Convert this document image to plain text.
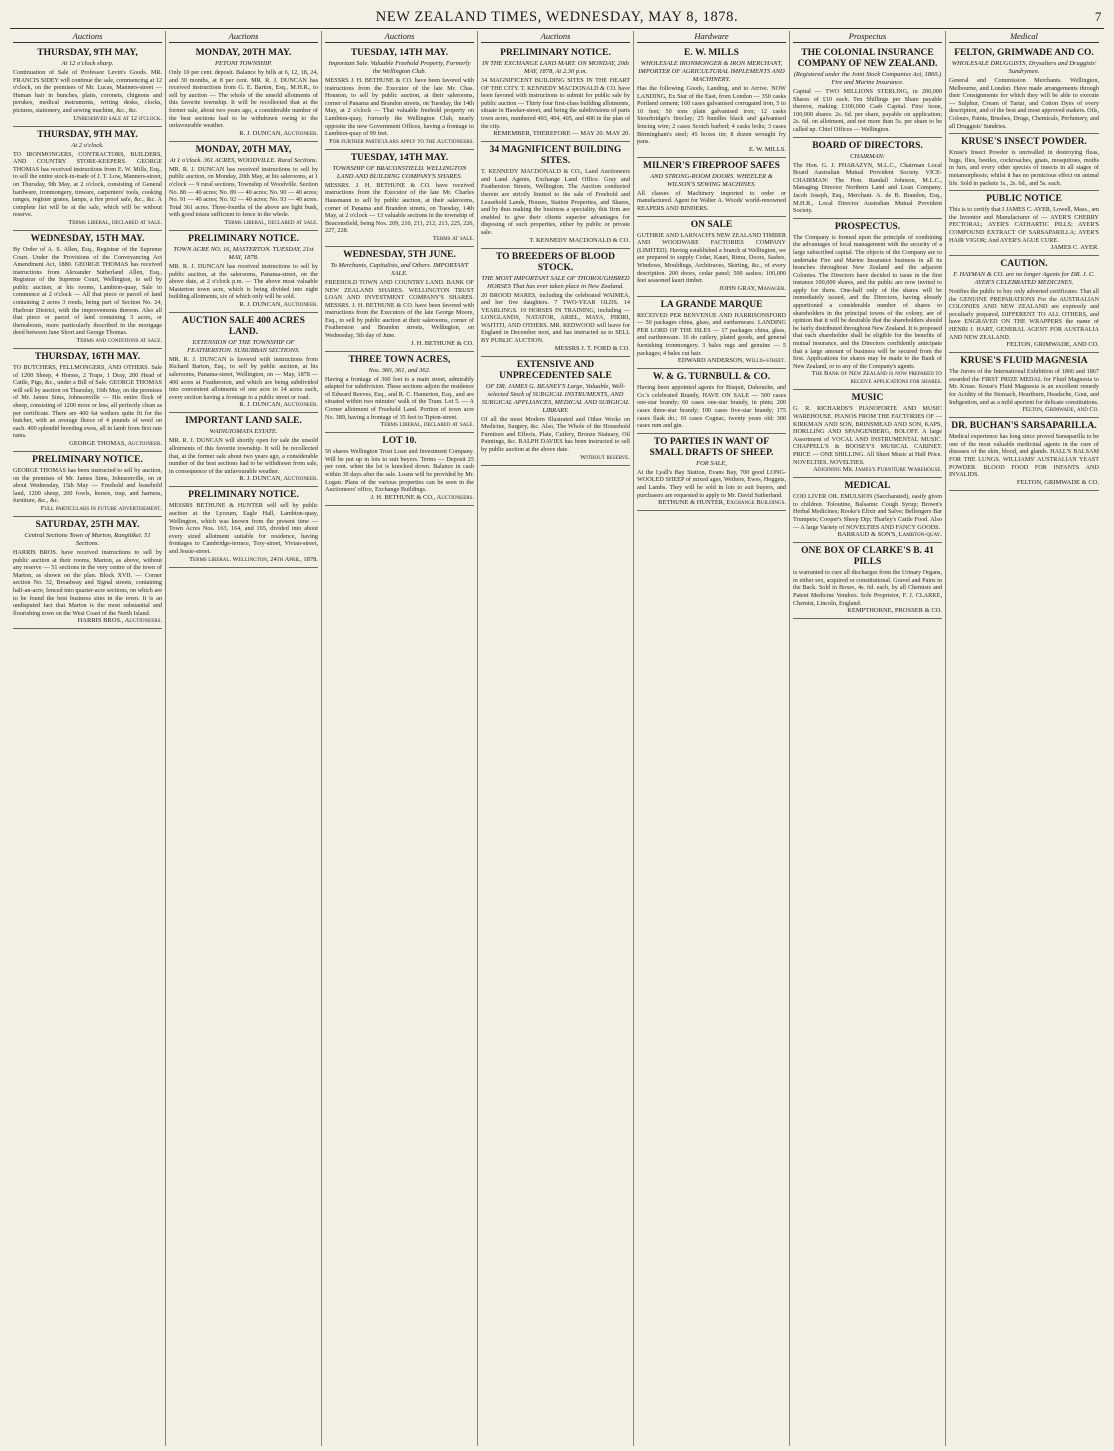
NEW ZEALAND TIMES, WEDNESDAY, MAY 8, 1878.	7
Auctions
THURSDAY, 9TH MAY,
At 12 o'clock sharp.
Continuation of Sale of Professor Levin's Goods. MR. FRANCIS SIDEY will continue the sale, commencing at 12 o'clock, on the premises of Mr. Lucas, Manners-street — Human hair in bunches, plaits, coronets, chignons and perukes, medical instruments, writing desks, clocks, pictures, stationery, and sewing machine, &c., &c.
Unreserved sale at 12 o'clock.
THURSDAY, 9TH MAY.
At 2 o'clock.
TO IRONMONGERS, CONTRACTORS, BUILDERS, AND COUNTRY STORE-KEEPERS. GEORGE THOMAS has received instructions from E. W. Mills, Esq., to sell the entire stock-in-trade of J. T. Low, Manners-street, on Thursday, 9th May, at 2 o'clock, consisting of General hardware, ironmongery, tinware, carpenters' tools, cooking ranges, register grates, lamps, a fire proof safe, &c., &c. A complete list will be at the sale, which will be without reserve.
Terms liberal, declared at sale.
WEDNESDAY, 15TH MAY.
By Order of A. S. Allen, Esq., Registrar of the Supreme Court. Under the Provisions of the Conveyancing Act Amendment Act, 1880. GEORGE THOMAS has received instructions from Alexander Sutherland Allen, Esq., Registrar of the Supreme Court, Wellington, to sell by public auction, at his rooms, Lambton-quay, Sale to commence at 2 o'clock — All that piece or parcel of land containing 2 acres 3 roods, being part of Section No. 24, Harbour District, with the improvements thereon. Also all that piece or parcel of land containing 3 acres, or thereabouts, more particularly described in the mortgage deed between Jane Short and George Thomas.
Terms and conditions at sale.
THURSDAY, 16TH MAY.
TO BUTCHERS, FELLMONGERS, AND OTHERS. Sale of 1200 Sheep, 4 Horses, 2 Traps, 1 Dray, 200 Head of Cattle, Pigs, &c., under a Bill of Sale. GEORGE THOMAS will sell by auction on Thursday, 16th May, on the premises of Mr. James Sims, Johnsonville — His entire flock of sheep, consisting of 1200 more or less, all perfectly clean as per certificate. There are 400 fat wethers quite fit for the butcher, with an average fleece of 4 pounds of wool on each. 400 splendid breeding ewes, all in lamb from first rate rams.
GEORGE THOMAS, Auctioneer.
PRELIMINARY NOTICE.
GEORGE THOMAS has been instructed to sell by auction, on the premises of Mr. James Sims, Johnsonville, on or about Wednesday, 15th May — Freehold and leasehold land, 1200 sheep, 200 fowls, horses, trap, and harness, furniture, &c., &c.
Full particulars in future advertisement.
SATURDAY, 25TH MAY.
Central Sections Town of Marton, Rangitikei. 51 Sections.
HARRIS BROS. have received instructions to sell by public auction at their rooms, Marton, as above, without any reserve — 51 sections in the very centre of the town of Marton, as shown on the plan. Block XVII. — Corner section No. 32, Broadway and Signal streets, containing half-an-acre, fenced into quarter-acre sections, on which are to be found the best business sites in the town. It is an undisputed fact that Marton is the most substantial and flourishing town on the West Coast of the North Island.
HARRIS BROS., Auctioneers.
Auctions
MONDAY, 20TH MAY.
PETONI TOWNSHIP.
Only 10 per cent. deposit. Balance by bills at 6, 12, 18, 24, and 30 months, at 8 per cent. MR. R. J. DUNCAN has received instructions from G. E. Barton, Esq., M.H.R., to sell by auction — The whole of the unsold allotments of this favorite township. It will be recollected that at the former sale, about two years ago, a considerable number of the best sections had to be withdrawn owing to the unfavourable weather.
R. J. DUNCAN, Auctioneer.
MONDAY, 20TH MAY,
At 1 o'clock. 361 ACRES, WOODVILLE. Rural Sections.
MR. R. J. DUNCAN has received instructions to sell by public auction, on Monday, 20th May, at his salerooms, at 1 o'clock — 9 rural sections, Township of Woodville. Section No. 88 — 40 acres; No. 89 — 40 acres; No. 90 — 40 acres; No. 91 — 40 acres; No. 92 — 40 acres; No. 93 — 40 acres. Total 361 acres. Three-fourths of the above are light bush, with good totara sufficient to fence in the whole.
Terms liberal, declared at sale.
PRELIMINARY NOTICE.
TOWN ACRE NO. 16, MASTERTON. TUESDAY, 21st MAY, 1878.
MR. R. J. DUNCAN has received instructions to sell by public auction, at the salerooms, Panama-street, on the above date, at 2 o'clock p.m. — The above most valuable Masterton town acre, which is being divided into eight building allotments, six of which only will be sold.
R. J. DUNCAN, Auctioneer.
AUCTION SALE 400 ACRES LAND.
EXTENSION OF THE TOWNSHIP OF FEATHERSTON. SUBURBAN SECTIONS.
MR. R. J. DUNCAN is favored with instructions from Richard Barton, Esq., to sell by public auction, at his salerooms, Panama-street, Wellington, on — May, 1878 — 400 acres at Featherston, and which are being subdivided into convenient allotments of one acre to 14 acres each, every section having a frontage to a public street or road.
R. J. DUNCAN, Auctioneer.
IMPORTANT LAND SALE.
WAINUIOMATA ESTATE.
MR. R. J. DUNCAN will shortly open for sale the unsold allotments of this favorite township. It will be recollected that, at the former sale about two years ago, a considerable number of the best sections had to be withdrawn from sale, in consequence of the unfavourable weather.
R. J. DUNCAN, Auctioneer.
PRELIMINARY NOTICE.
MESSRS BETHUNE & HUNTER will sell by public auction at the Lyceum, Eagle Hall, Lambton-quay, Wellington, which was known from the present time — Town Acres Nos. 163, 164, and 165, divided into about every sized allotment suitable for residence, having frontages to Cambridge-terrace, Tory-street, Vivian-street, and Jessie-street.
Terms liberal. Wellington, 24th April, 1878.
Auctions
TUESDAY, 14TH MAY.
Important Sale. Valuable Freehold Property, Formerly the Wellington Club.
MESSRS J. H. BETHUNE & CO. have been favored with instructions from the Executor of the late Mr. Chas. Houston, to sell by public auction, at their salerooms, corner of Panama and Brandon streets, on Tuesday, the 14th May, at 2 o'clock — That valuable freehold property on Lambton-quay, formerly the Wellington Club, nearly opposite the new Government Offices, having a frontage to Lambton-quay of 99 feet.
For further particulars apply to the Auctioneers.
TUESDAY, 14TH MAY.
TOWNSHIP OF BRACONSTIELD. WELLINGTON LAND AND BUILDING COMPANY'S SHARES.
MESSRS. J. H. BETHUNE & CO. have received instructions from the Executor of the late Mr. Charles Hausmann to sell by public auction, at their salerooms, corner of Panama and Brandon streets, on Tuesday, 14th May, at 2 o'clock — 13 valuable sections in the township of Beaconsfield, being Nos. 209, 210, 211, 212, 213, 225, 226, 227, 228.
Terms at sale.
WEDNESDAY, 5TH JUNE.
To Merchants, Capitalists, and Others. IMPORTANT SALE.
FREEHOLD TOWN AND COUNTRY LAND. BANK OF NEW ZEALAND SHARES. WELLINGTON TRUST LOAN AND INVESTMENT COMPANY'S SHARES. MESSRS. J. H. BETHUNE & CO. have been favored with instructions from the Executors of the late George Moore, Esq., to sell by public auction at their salerooms, corner of Featherston and Brandon streets, Wellington, on Wednesday, 5th day of June.
J. H. BETHUNE & CO.
THREE TOWN ACRES,
Nos. 360, 361, and 362.
Having a frontage of 360 feet to a main street, admirably adapted for subdivision. These sections adjoin the residence of Edward Reeves, Esq., and R. C. Hamerton, Esq., and are situated within two minutes' walk of the Tram. Lot 5. — A Corner allotment of Freehold Land. Portion of town acre No. 389, having a frontage of 35 feet to Tipton-street.
Terms liberal, declared at sale.
LOT 10.
50 shares Wellington Trust Loan and Investment Company. Will be put up in lots to suit buyers. Terms — Deposit 25 per cent. when the lot is knocked down. Balance in cash within 30 days after the sale. Loans will be provided by Mr. Logan. Plans of the various properties can be seen in the Auctioneers' office, Exchange Buildings.
J. H. BETHUNE & CO., Auctioneers.
Auctions
PRELIMINARY NOTICE.
IN THE EXCHANGE LAND MART. ON MONDAY, 20th MAY, 1878, At 2.30 p.m.
34 MAGNIFICENT BUILDING SITES IN THE HEART OF THE CITY. T. KENNEDY MACDONALD & CO. have been favored with instructions to submit for public sale by public auction — Thirty four first-class building allotments, situate in Hawker-street, and being the subdivisions of parts town acres, numbered 403, 404, 405, and 406 in the plan of the city.
REMEMBER, THEREFORE — MAY 20. MAY 20.
34 MAGNIFICENT BUILDING SITES.
T. KENNEDY MACDONALD & CO., Land Auctioneers and Land Agents, Exchange Land Office. Gray and Featherston Streets, Wellington. The Auction conducted therein are strictly limited to the sale of Freehold and Leasehold Lands, Houses, Station Properties, and Shares, and by thus making the business a speciality, this firm are enabled to give their clients superior advantages for disposing of such properties, either by public or private sale.
T. KENNEDY MACDONALD & CO.
TO BREEDERS OF BLOOD STOCK.
THE MOST IMPORTANT SALE OF THOROUGHBRED HORSES That has ever taken place in New Zealand.
20 BROOD MARES, including the celebrated WAIMEA, and her five daughters. 7 TWO-YEAR OLDS. 14 YEARLINGS. 10 HORSES IN TRAINING, including — LONGLANDS, NATATOR, ARIEL, MAYA, PIRIRI, WAITITI, AND OTHERS. MR. REDWOOD will leave for England in December next, and has instructed us to SELL BY PUBLIC AUCTION.
MESSRS J. T. FORD & CO.
EXTENSIVE AND UNPRECEDENTED SALE
OF DR. JAMES G. BEANEY'S Large, Valuable, Well-selected Stock of SURGICAL INSTRUMENTS, AND SURGICAL APPLIANCES, MEDICAL AND SURGICAL LIBRARY.
Of all the most Modern Illustrated and Other Works on Medicine, Surgery, &c. Also, The Whole of the Household Furniture and Effects, Plate, Cutlery, Bronze Statuary, Oil Paintings, &c. RALPH DAVIES has been instructed to sell by public auction at the above date.
Without reserve.
Hardware
E. W. MILLS
WHOLESALE IRONMONGER & IRON MERCHANT, IMPORTER OF AGRICULTURAL IMPLEMENTS AND MACHINERY.
Has the following Goods, Landing, and to Arrive. NOW LANDING, Ex Star of the East, from London — 350 casks Portland cement; 160 cases galvanised corrugated iron, 5 to 10 feet; 50 tons plain galvanised iron; 12 casks Stourbridge's fireclay; 25 bundles black and galvanised fencing wire; 2 cases Scotch barbed; 4 casks bolts; 3 cases Birmingham's steel; 45 boxes tin; 8 dozen wrought fry pans.
E. W. MILLS.
MILNER'S FIREPROOF SAFES
AND STRONG-ROOM DOORS. WHEELER & WILSON'S SEWING MACHINES.
All classes of Machinery imported to order or manufactured. Agent for Walter A. Woods' world-renowned REAPERS AND BINDERS.
ON SALE
GUTHRIE AND LARNACH'S NEW ZEALAND TIMBER AND WOODWARE FACTORIES COMPANY (LIMITED). Having established a branch at Wellington, we are prepared to supply Cedar, Kauri, Rimu, Doors, Sashes, Windows, Mouldings, Architraves, Skirting, &c., of every description. 200 doors, cedar panel; 500 sashes; 100,000 feet seasoned kauri timber.
JOHN GRAY, Manager.
LA GRANDE MARQUE
RECEIVED PER BENVENUE AND HARRISONSFORD — 50 packages china, glass, and earthenware. LANDING PER LORD OF THE ISLES — 17 packages china, glass, and earthenware. 16 do cutlery, plated goods, and general furnishing ironmongery. 3 bales rugs and genuine — 5 packages; 4 bales cut hair.
EDWARD ANDERSON, Willis-street.
W. & G. TURNBULL & CO.
Having been appointed agents for Bisquit, Dubouche, and Co.'s celebrated Brandy, HAVE ON SALE — 500 cases one-star brandy; 60 cases one-star brandy, in pints; 200 cases three-star brandy; 100 cases five-star brandy; 175 cases flask do.; 10 cases Cognac, twenty years old; 300 cases rum and gin.
TO PARTIES IN WANT OF SMALL DRAFTS OF SHEEP.
FOR SALE,
At the Lyall's Bay Station, Evans Bay, 700 good LONG-WOOLED SHEEP of mixed ages, Wethers, Ewes, Hoggets, and Lambs. They will be sold in lots to suit buyers, and purchasers are requested to apply to Mr. David Sutherland.
BETHUNE & HUNTER, Exchange Buildings.
Prospectus
THE COLONIAL INSURANCE COMPANY OF NEW ZEALAND.
(Registered under the Joint Stock Companies Act, 1860.) Fire and Marine Insurance.
Capital — TWO MILLIONS STERLING, in 200,000 Shares of £10 each. Ten Shillings per Share payable thereon, making £100,000 Cash Capital. First issue, 100,000 shares. 2s. 6d. per share, payable on application; 2s. 6d. on allotment, and not more than 5s. per share to be called up. Chief Offices — Wellington.
BOARD OF DIRECTORS.
CHAIRMAN:
The Hon. G. J. PHARAZYN, M.L.C., Chairman Local Board Australian Mutual Provident Society. VICE-CHAIRMAN: The Hon. Randall Johnson, M.L.C., Managing Director Northern Land and Loan Company. Jacob Joseph, Esq., Merchant. A. de B. Brandon, Esq., M.H.R., Local Director Australian Mutual Provident Society.
PROSPECTUS.
The Company is formed upon the principle of combining the advantages of local management with the security of a large subscribed capital. The objects of the Company are to undertake Fire and Marine Insurance business in all its branches throughout New Zealand and the adjacent Colonies. The Directors have decided to issue in the first instance 100,000 shares, and the public are now invited to apply for them. One-half only of the shares will be immediately issued, and the Directors, having already apportioned a considerable number of shares to shareholders in the principal towns of the colony, are of opinion that it will be desirable that the shareholders should be fairly distributed throughout New Zealand. It is proposed that each shareholder shall be eligible for the benefits of mutual insurance, and the Directors confidently anticipate that a large amount of business will be secured from the first. Applications for shares may be made to the Bank of New Zealand, or to any of the Company's agents.
The Bank of New Zealand is now prepared to receive applications for shares.
MUSIC
G. R. RICHARDS'S PIANOFORTE AND MUSIC WAREHOUSE. PIANOS FROM THE FACTORIES OF — KIRKMAN AND SON, BRINSMEAD AND SON, KAPS, HORLLING AND SPANGENBERG, BOLOFF. A large Assortment of VOCAL AND INSTRUMENTAL MUSIC. CHAPPELL'S & BOOSEY'S MUSICAL CABINET. PRICE — ONE SHILLING. All Sheet Music at Half Price. NOVELTIES. NOVELTIES.
Adjoining Mr. James's Furniture Warehouse.
MEDICAL
COD LIVER OIL EMULSION (Saccharated), easily given to children. Toloutine, Balsamic Cough Syrup; Brown's Herbal Medicines; Rooke's Elixir and Salve; Bellengers Bar Trumpets; Cooper's Sheep Dip; Tharley's Cattle Food. Also — A large Variety of NOVELTIES AND FANCY GOODS.
BARRAUD & SON'S, Lambton-quay.
ONE BOX OF CLARKE'S B. 41 PILLS
is warranted to cure all discharges from the Urinary Organs, in either sex, acquired or constitutional. Gravel and Pains in the Back. Sold in Boxes, 4s. 6d. each, by all Chemists and Patent Medicine Vendors. Sole Proprietor, F. J. CLARKE, Chemist, Lincoln, England.
KEMPTHORNE, PROSSER & CO.
Medical
FELTON, GRIMWADE AND CO.
WHOLESALE DRUGGISTS, Drysalters and Druggists' Sundrymen.
General and Commission Merchants. Wellington, Melbourne, and London. Have made arrangements through their Consignments for which they will be able to execute — Sulphur, Cream of Tartar, and Cotton Dyes of every description, and of the best and most approved makers. Oils, Colours, Paints, Brushes, Drugs, Chemicals, Perfumery, and all Druggists' Sundries.
KRUSE'S INSECT POWDER.
Kruse's Insect Powder is unrivalled in destroying fleas, bugs, flies, beetles, cockroaches, gnats, mosquitoes, moths in furs, and every other species of insects in all stages of metamorphosis; whilst it has no pernicious effect on animal life. Sold in packets 1s., 2s. 6d., and 5s. each.
PUBLIC NOTICE
This is to certify that I JAMES C. AYER, Lowell, Mass., am the Inventor and Manufacturer of — AYER'S CHERRY PECTORAL; AYER'S CATHARTIC PILLS; AYER'S COMPOUND EXTRACT OF SARSAPARILLA; AYER'S HAIR VIGOR; And AYER'S AGUE CURE.
JAMES C. AYER.
CAUTION.
F. HAYMAN & CO. are no longer Agents for DR. J. C. AYER'S CELEBRATED MEDICINES.
Notifies the public to buy only adverted certificates. That all the GENUINE PREPARATIONS For the AUSTRALIAN COLONIES AND NEW ZEALAND are expressly and peculiarly prepared, DIFFERENT TO ALL OTHERS, and have ENGRAVED ON THE WRAPPERS the name of HENRI J. HART, GENERAL AGENT FOR AUSTRALIA AND NEW ZEALAND.
FELTON, GRIMWADE, AND CO.
KRUSE'S FLUID MAGNESIA
The Jurors of the International Exhibition of 1866 and 1867 awarded the FIRST PRIZE MEDAL for Fluid Magnesia to Mr. Kruse. Kruse's Fluid Magnesia is an excellent remedy for Acidity of the Stomach, Heartburn, Headache, Gout, and Indigestion, and as a mild aperient for delicate constitutions.
Felton, Grimwade, and Co.
DR. BUCHAN'S SARSAPARILLA.
Medical experience has long since proved Sarsaparilla to be one of the most valuable medicinal agents in the cure of diseases of the skin, blood, and glands. HALL'S BALSAM FOR THE LUNGS. WILLIAMS' AUSTRALIAN YEAST POWDER. BLOOD FOOD FOR INFANTS AND INVALIDS.
FELTON, GRIMWADE & CO.
